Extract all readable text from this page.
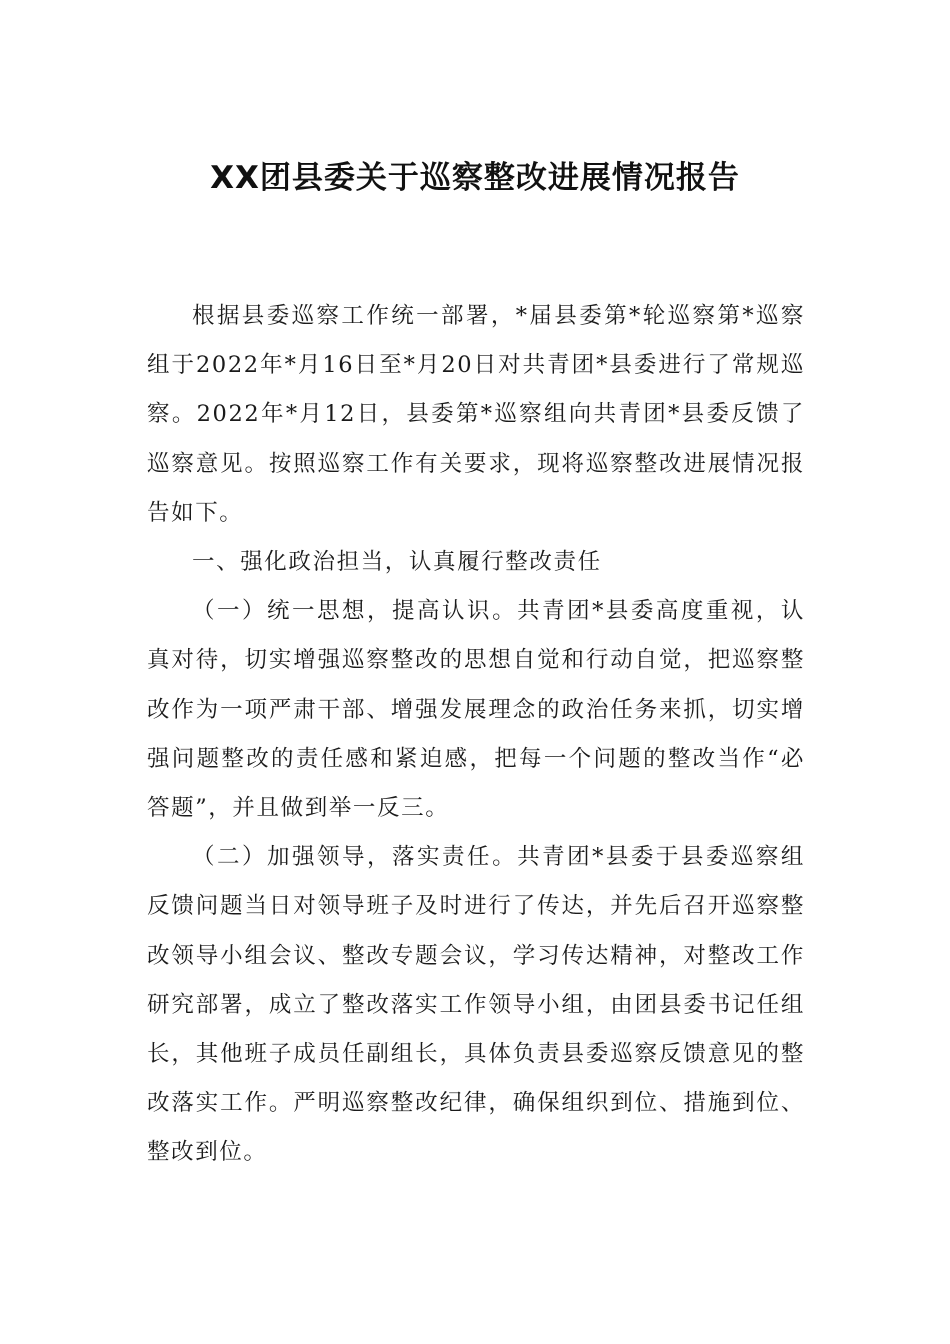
XX团县委关于巡察整改进展情况报告

根据县委巡察工作统一部署，*届县委第*轮巡察第*巡察组于2022年*月16日至*月20日对共青团*县委进行了常规巡察。2022年*月12日，县委第*巡察组向共青团*县委反馈了巡察意见。按照巡察工作有关要求，现将巡察整改进展情况报告如下。

一、强化政治担当，认真履行整改责任

（一）统一思想，提高认识。共青团*县委高度重视，认真对待，切实增强巡察整改的思想自觉和行动自觉，把巡察整改作为一项严肃干部、增强发展理念的政治任务来抓，切实增强问题整改的责任感和紧迫感，把每一个问题的整改当作“必答题”，并且做到举一反三。

（二）加强领导，落实责任。共青团*县委于县委巡察组反馈问题当日对领导班子及时进行了传达，并先后召开巡察整改领导小组会议、整改专题会议，学习传达精神，对整改工作研究部署，成立了整改落实工作领导小组，由团县委书记任组长，其他班子成员任副组长，具体负责县委巡察反馈意见的整改落实工作。严明巡察整改纪律，确保组织到位、措施到位、整改到位。
